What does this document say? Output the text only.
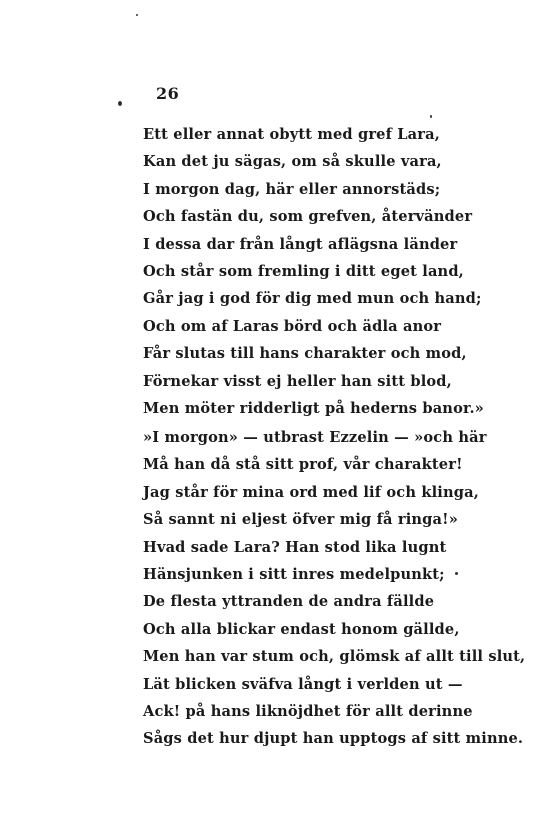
26
Ett eller annat obytt med gref Lara,
Kan det ju sägas, om så skulle vara,
I morgon dag, här eller annorstäds;
Och fastän du, som grefven, återvänder
I dessa dar från långt aflägsna länder
Och står som fremling i ditt eget land,
Går jag i god för dig med mun och hand;
Och om af Laras börd och ädla anor
Får slutas till hans charakter och mod,
Förnekar visst ej heller han sitt blod,
Men möter ridderligt på hederns banor.»
»I morgon» — utbrast Ezzelin — »och här
Må han då stå sitt prof, vår charakter!
Jag står för mina ord med lif och klinga,
Så sannt ni eljest öfver mig få ringa!»
Hvad sade Lara? Han stod lika lugnt
Hänsjunken i sitt inres medelpunkt;
De flesta yttranden de andra fällde
Och alla blickar endast honom gällde,
Men han var stum och, glömsk af allt till slut,
Lät blicken sväfva långt i verlden ut —
Ack! på hans liknöjdhet för allt derinne
Sågs det hur djupt han upptogs af sitt minne.
